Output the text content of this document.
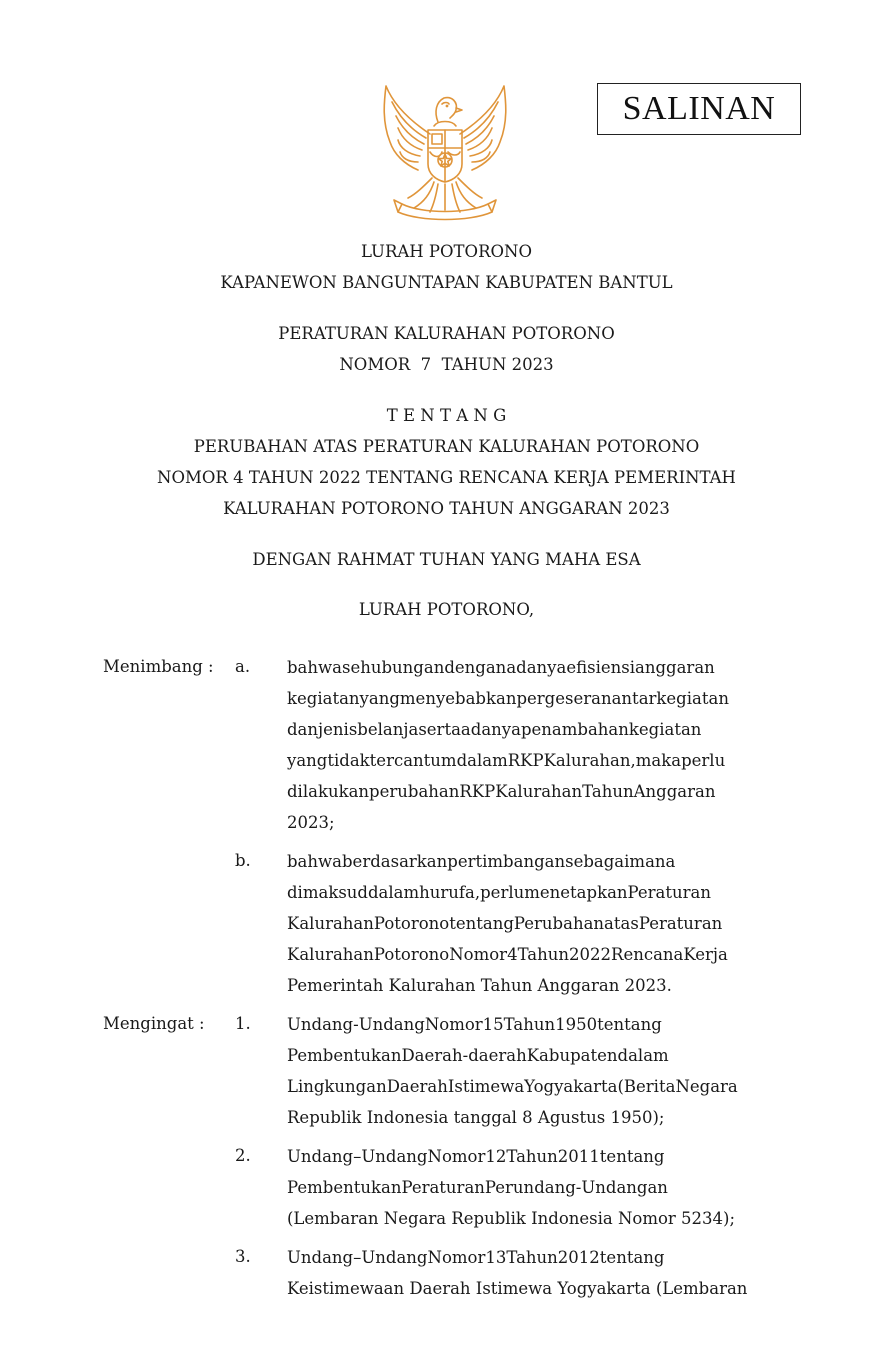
SALINAN
LURAH POTORONO
KAPANEWON BANGUNTAPAN KABUPATEN BANTUL
PERATURAN KALURAHAN POTORONO
NOMOR  7  TAHUN 2023
T E N T A N G
PERUBAHAN ATAS PERATURAN KALURAHAN POTORONO
NOMOR 4 TAHUN 2022 TENTANG RENCANA KERJA PEMERINTAH
KALURAHAN POTORONO TAHUN ANGGARAN 2023
DENGAN RAHMAT TUHAN YANG MAHA ESA
LURAH POTORONO,
Menimbang : a. bahwasehubungandenganadanyaefisiensianggaran
kegiatanyangmenyebabkanpergeseranantarkegiatan
danjenisbelanjasertaadanyapenambahankegiatan
yangtidaktercantumdalamRKPKalurahan,makaperlu
dilakukanperubahanRKPKalurahanTahunAnggaran
2023;
b. bahwaberdasarkanpertimbangansebagaimana
dimaksuddalamhurufa,perlumenetapkanPeraturan
KalurahanPotoronotentangPerubahanatasPeraturan
KalurahanPotoronoNomor4Tahun2022RencanaKerja
Pemerintah Kalurahan Tahun Anggaran 2023.
Mengingat : 1. Undang-UndangNomor15Tahun1950tentang
PembentukanDaerah-daerahKabupatendalam
LingkunganDaerahIstimewaYogyakarta(BeritaNegara
Republik Indonesia tanggal 8 Agustus 1950);
2. Undang–UndangNomor12Tahun2011tentang
PembentukanPeraturanPerundang-Undangan
(Lembaran Negara Republik Indonesia Nomor 5234);
3. Undang–UndangNomor13Tahun2012tentang
Keistimewaan Daerah Istimewa Yogyakarta (Lembaran
